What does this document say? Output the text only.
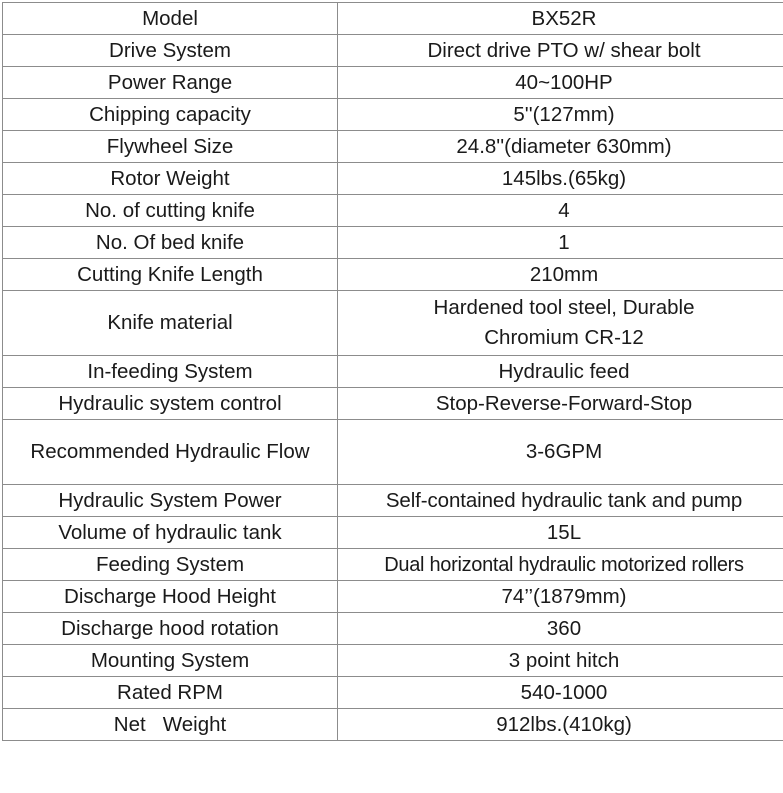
Model	BX52R
Drive System	Direct drive PTO w/ shear bolt
Power Range	40~100HP
Chipping capacity	5''(127mm)
Flywheel Size	24.8''(diameter 630mm)
Rotor Weight	145lbs.(65kg)
No. of cutting knife	4
No. Of bed knife	1
Cutting Knife Length	210mm
Knife material	Hardened tool steel, Durable Chromium CR-12
In-feeding System	Hydraulic feed
Hydraulic system control	Stop-Reverse-Forward-Stop
Recommended Hydraulic Flow	3-6GPM
Hydraulic System Power	Self-contained hydraulic tank and pump
Volume of hydraulic tank	15L
Feeding System	Dual horizontal hydraulic motorized rollers
Discharge Hood Height	74’’(1879mm)
Discharge hood rotation	360
Mounting System	3 point hitch
Rated RPM	540-1000
Net   Weight	912lbs.(410kg)
